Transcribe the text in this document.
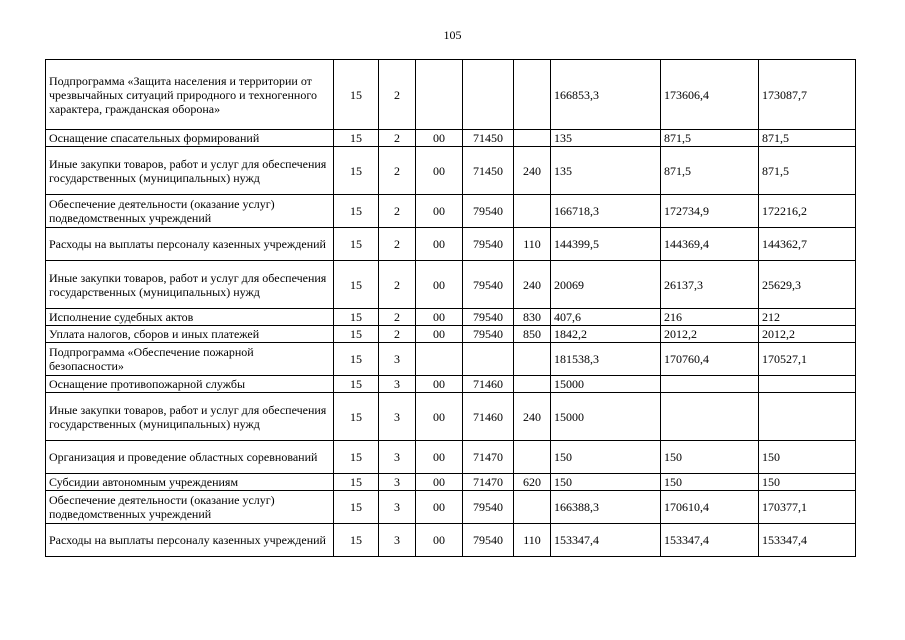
105
Подпрограмма «Защита населения и территории от чрезвычайных ситуаций природного и техногенного характера, гражданская оборона»	15	2				166853,3	173606,4	173087,7
Оснащение спасательных формирований	15	2	00	71450		135	871,5	871,5
Иные закупки товаров, работ и услуг для обеспечения государственных (муниципальных) нужд	15	2	00	71450	240	135	871,5	871,5
Обеспечение деятельности (оказание услуг) подведомственных учреждений	15	2	00	79540		166718,3	172734,9	172216,2
Расходы на выплаты персоналу казенных учреждений	15	2	00	79540	110	144399,5	144369,4	144362,7
Иные закупки товаров, работ и услуг для обеспечения государственных (муниципальных) нужд	15	2	00	79540	240	20069	26137,3	25629,3
Исполнение судебных актов	15	2	00	79540	830	407,6	216	212
Уплата налогов, сборов и иных платежей	15	2	00	79540	850	1842,2	2012,2	2012,2
Подпрограмма «Обеспечение пожарной безопасности»	15	3				181538,3	170760,4	170527,1
Оснащение противопожарной службы	15	3	00	71460		15000		
Иные закупки товаров, работ и услуг для обеспечения государственных (муниципальных) нужд	15	3	00	71460	240	15000		
Организация и проведение областных соревнований	15	3	00	71470		150	150	150
Субсидии автономным учреждениям	15	3	00	71470	620	150	150	150
Обеспечение деятельности (оказание услуг) подведомственных учреждений	15	3	00	79540		166388,3	170610,4	170377,1
Расходы на выплаты персоналу казенных учреждений	15	3	00	79540	110	153347,4	153347,4	153347,4
